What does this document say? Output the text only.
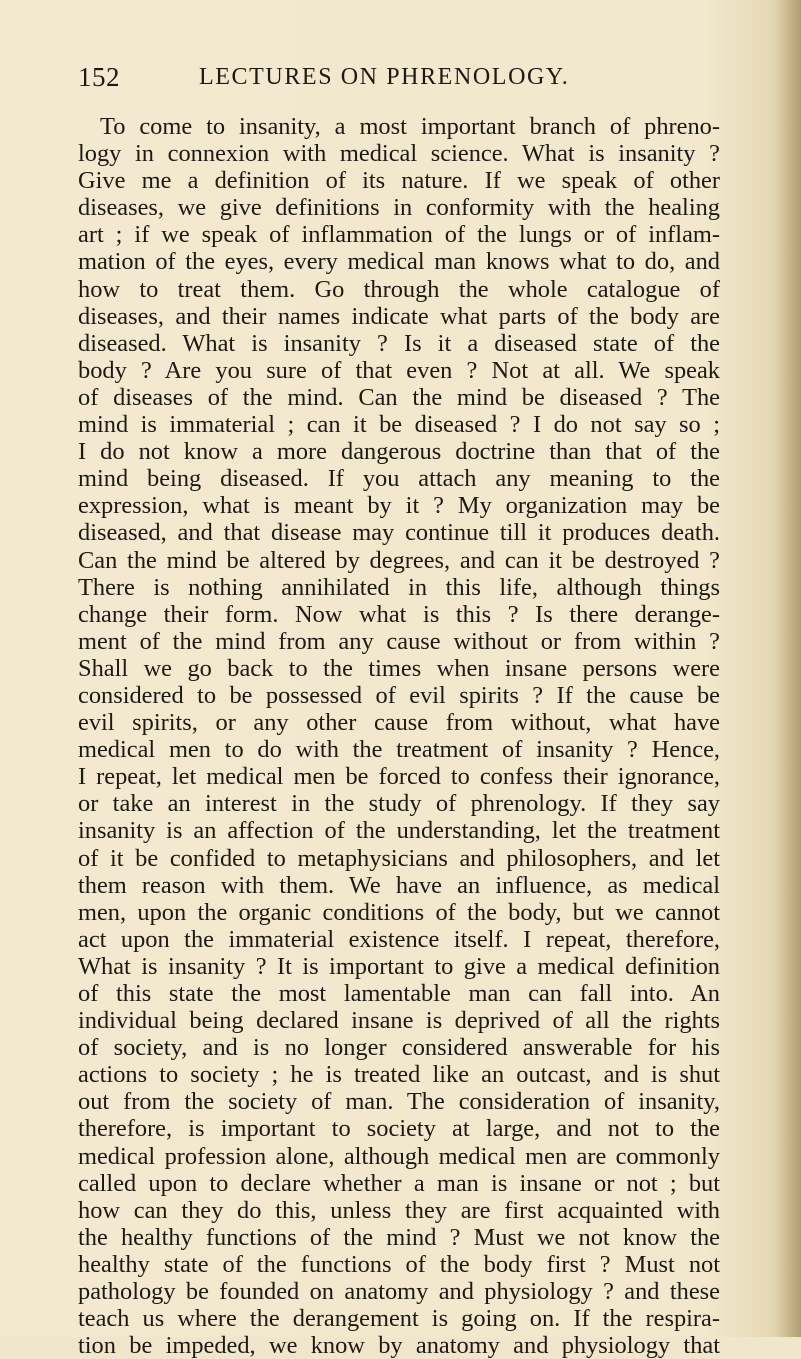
152	LECTURES ON PHRENOLOGY.
To come to insanity, a most important branch of phreno-
logy in connexion with medical science. What is insanity ?
Give me a definition of its nature. If we speak of other
diseases, we give definitions in conformity with the healing
art ; if we speak of inflammation of the lungs or of inflam-
mation of the eyes, every medical man knows what to do, and
how to treat them. Go through the whole catalogue of
diseases, and their names indicate what parts of the body are
diseased. What is insanity ? Is it a diseased state of the
body ? Are you sure of that even ? Not at all. We speak
of diseases of the mind. Can the mind be diseased ? The
mind is immaterial ; can it be diseased ? I do not say so ;
I do not know a more dangerous doctrine than that of the
mind being diseased. If you attach any meaning to the
expression, what is meant by it ? My organization may be
diseased, and that disease may continue till it produces death.
Can the mind be altered by degrees, and can it be destroyed ?
There is nothing annihilated in this life, although things
change their form. Now what is this ? Is there derange-
ment of the mind from any cause without or from within ?
Shall we go back to the times when insane persons were
considered to be possessed of evil spirits ? If the cause be
evil spirits, or any other cause from without, what have
medical men to do with the treatment of insanity ? Hence,
I repeat, let medical men be forced to confess their ignorance,
or take an interest in the study of phrenology. If they say
insanity is an affection of the understanding, let the treatment
of it be confided to metaphysicians and philosophers, and let
them reason with them. We have an influence, as medical
men, upon the organic conditions of the body, but we cannot
act upon the immaterial existence itself. I repeat, therefore,
What is insanity ? It is important to give a medical definition
of this state the most lamentable man can fall into. An
individual being declared insane is deprived of all the rights
of society, and is no longer considered answerable for his
actions to society ; he is treated like an outcast, and is shut
out from the society of man. The consideration of insanity,
therefore, is important to society at large, and not to the
medical profession alone, although medical men are commonly
called upon to declare whether a man is insane or not ; but
how can they do this, unless they are first acquainted with
the healthy functions of the mind ? Must we not know the
healthy state of the functions of the body first ? Must not
pathology be founded on anatomy and physiology ? and these
teach us where the derangement is going on. If the respira-
tion be impeded, we know by anatomy and physiology that
